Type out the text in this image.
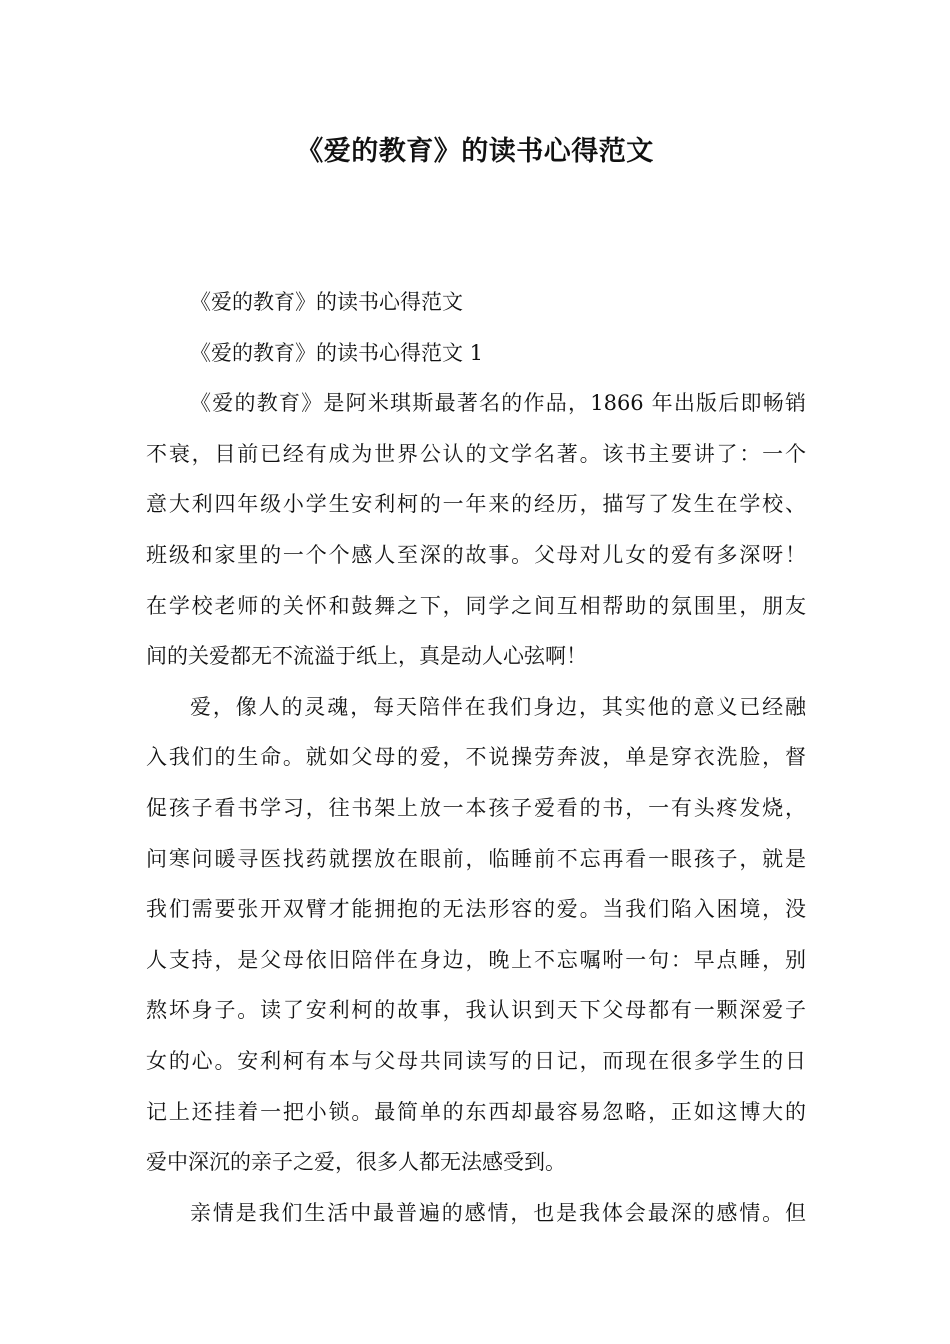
《爱的教育》的读书心得范文
《爱的教育》的读书心得范文
《爱的教育》的读书心得范文 1
《爱的教育》是阿米琪斯最著名的作品，1866 年出版后即畅销
不衰，目前已经有成为世界公认的文学名著。该书主要讲了：一个
意大利四年级小学生安利柯的一年来的经历，描写了发生在学校、
班级和家里的一个个感人至深的故事。父母对儿女的爱有多深呀！
在学校老师的关怀和鼓舞之下，同学之间互相帮助的氛围里，朋友
间的关爱都无不流溢于纸上，真是动人心弦啊！
爱，像人的灵魂，每天陪伴在我们身边，其实他的意义已经融
入我们的生命。就如父母的爱，不说操劳奔波，单是穿衣洗脸，督
促孩子看书学习，往书架上放一本孩子爱看的书，一有头疼发烧，
问寒问暖寻医找药就摆放在眼前，临睡前不忘再看一眼孩子，就是
我们需要张开双臂才能拥抱的无法形容的爱。当我们陷入困境，没
人支持，是父母依旧陪伴在身边，晚上不忘嘱咐一句：早点睡，别
熬坏身子。读了安利柯的故事，我认识到天下父母都有一颗深爱子
女的心。安利柯有本与父母共同读写的日记，而现在很多学生的日
记上还挂着一把小锁。最简单的东西却最容易忽略，正如这博大的
爱中深沉的亲子之爱，很多人都无法感受到。
亲情是我们生活中最普遍的感情，也是我体会最深的感情。但
